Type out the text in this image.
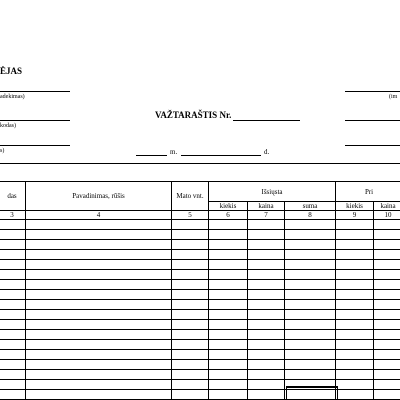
ĖJAS
adekimas)
kodas)
s)
VAŽTARAŠTIS Nr.
m.	d.
(im
das	Pavadinimas, rūšis	Mato vnt.	Išsiųsta			Pri	
			kiekis	kaina	suma	kiekis	kaina
3	4	5	6	7	8	9	10
